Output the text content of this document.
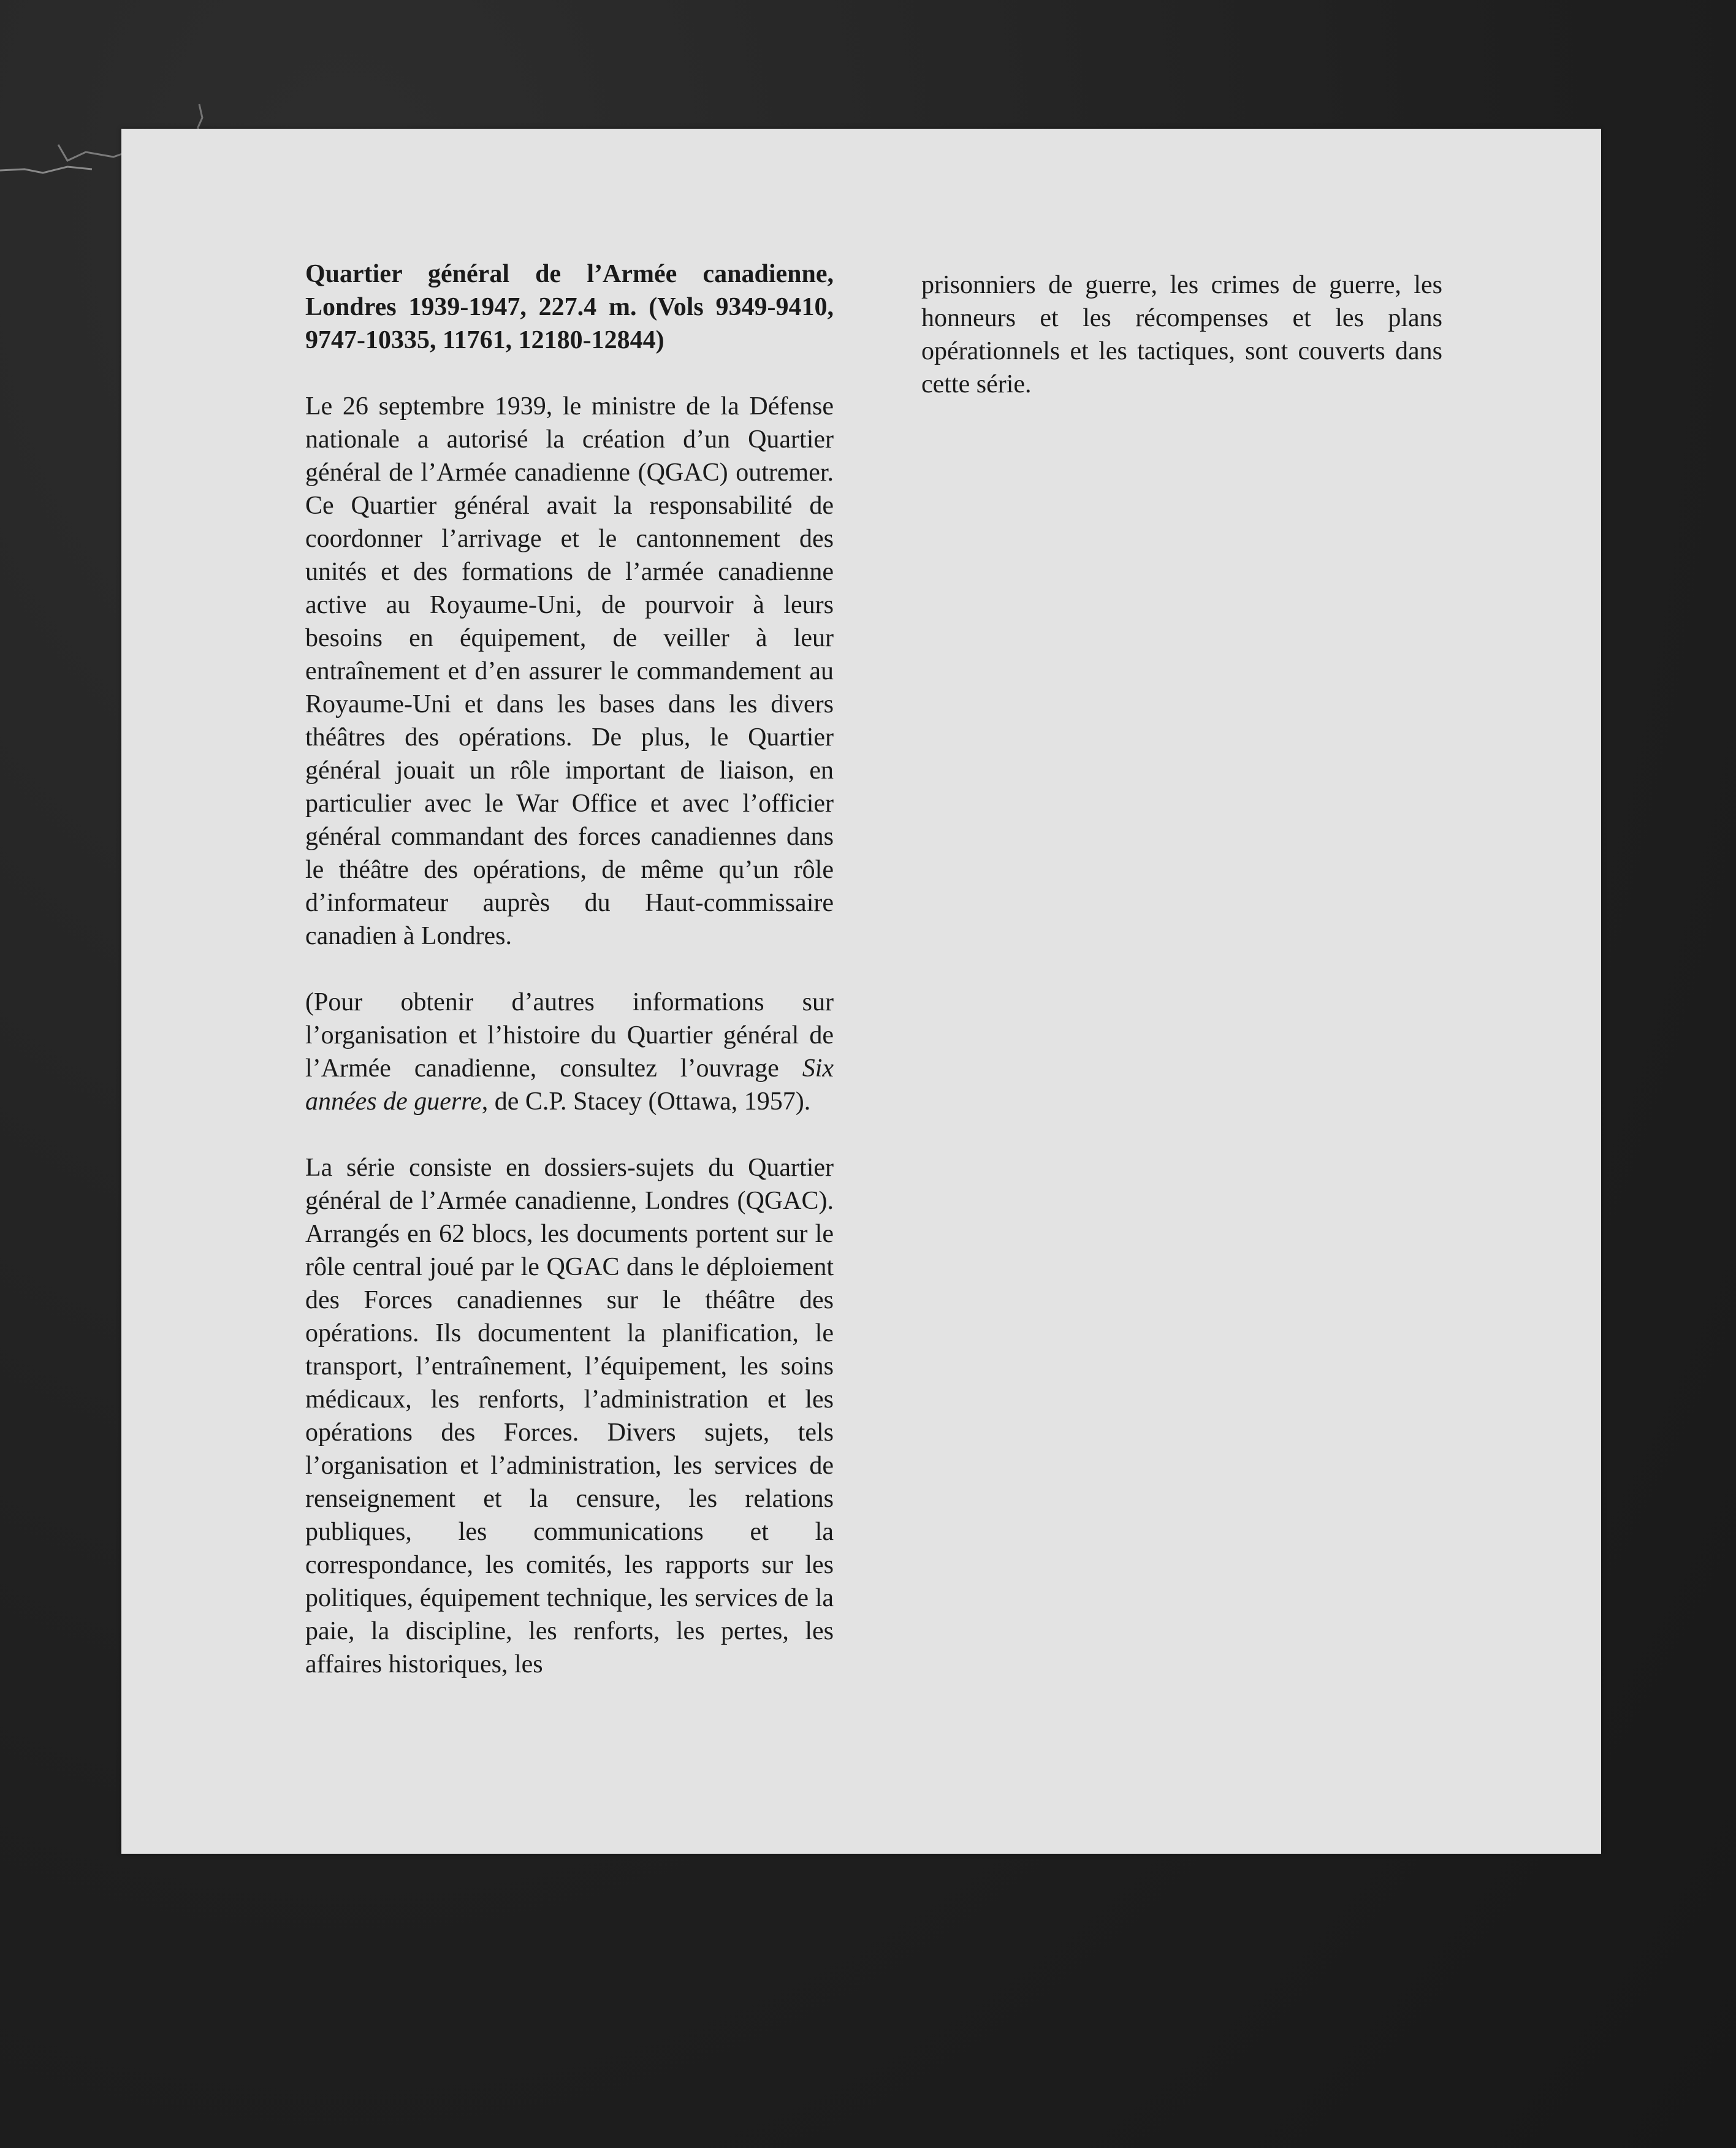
Quartier général de l’Armée canadienne, Londres 1939-1947, 227.4 m. (Vols 9349-9410, 9747-10335, 11761, 12180-12844)

Le 26 septembre 1939, le ministre de la Défense nationale a autorisé la création d’un Quartier général de l’Armée canadienne (QGAC) outremer. Ce Quartier général avait la responsabilité de coordonner l’arrivage et le cantonnement des unités et des formations de l’armée canadienne active au Royaume-Uni, de pourvoir à leurs besoins en équipement, de veiller à leur entraînement et d’en assurer le commandement au Royaume-Uni et dans les bases dans les divers théâtres des opérations. De plus, le Quartier général jouait un rôle important de liaison, en particulier avec le War Office et avec l’officier général commandant des forces canadiennes dans le théâtre des opérations, de même qu’un rôle d’informateur auprès du Haut-commissaire canadien à Londres.

(Pour obtenir d’autres informations sur l’organisation et l’histoire du Quartier général de l’Armée canadienne, consultez l’ouvrage Six années de guerre, de C.P. Stacey (Ottawa, 1957).

La série consiste en dossiers-sujets du Quartier général de l’Armée canadienne, Londres (QGAC). Arrangés en 62 blocs, les documents portent sur le rôle central joué par le QGAC dans le déploiement des Forces canadiennes sur le théâtre des opérations. Ils documentent la planification, le transport, l’entraînement, l’équipement, les soins médicaux, les renforts, l’administration et les opérations des Forces. Divers sujets, tels l’organisation et l’administration, les services de renseignement et la censure, les relations publiques, les communications et la correspondance, les comités, les rapports sur les politiques, équipement technique, les services de la paie, la discipline, les renforts, les pertes, les affaires historiques, les

prisonniers de guerre, les crimes de guerre, les honneurs et les récompenses et les plans opérationnels et les tactiques, sont couverts dans cette série.
